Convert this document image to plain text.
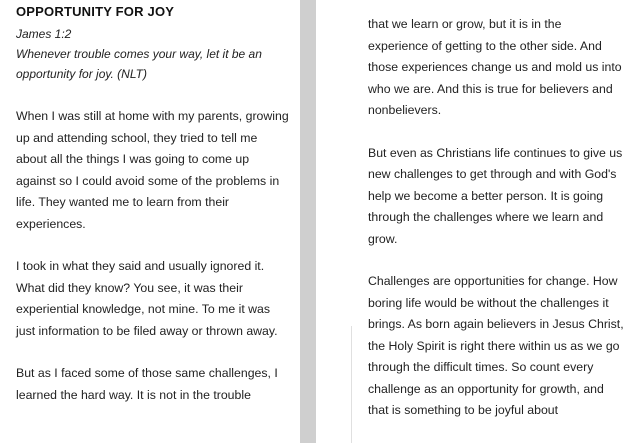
OPPORTUNITY FOR JOY

James 1:2

Whenever trouble comes your way, let it be an opportunity for joy. (NLT)

When I was still at home with my parents, growing up and attending school, they tried to tell me about all the things I was going to come up against so I could avoid some of the problems in life. They wanted me to learn from their experiences.

I took in what they said and usually ignored it. What did they know? You see, it was their experiential knowledge, not mine. To me it was just information to be filed away or thrown away.

But as I faced some of those same challenges, I learned the hard way. It is not in the trouble

that we learn or grow, but it is in the experience of getting to the other side. And those experiences change us and mold us into who we are. And this is true for believers and nonbelievers.

But even as Christians life continues to give us new challenges to get through and with God's help we become a better person. It is going through the challenges where we learn and grow.

Challenges are opportunities for change. How boring life would be without the challenges it brings. As born again believers in Jesus Christ, the Holy Spirit is right there within us as we go through the difficult times. So count every challenge as an opportunity for growth, and that is something to be joyful about
